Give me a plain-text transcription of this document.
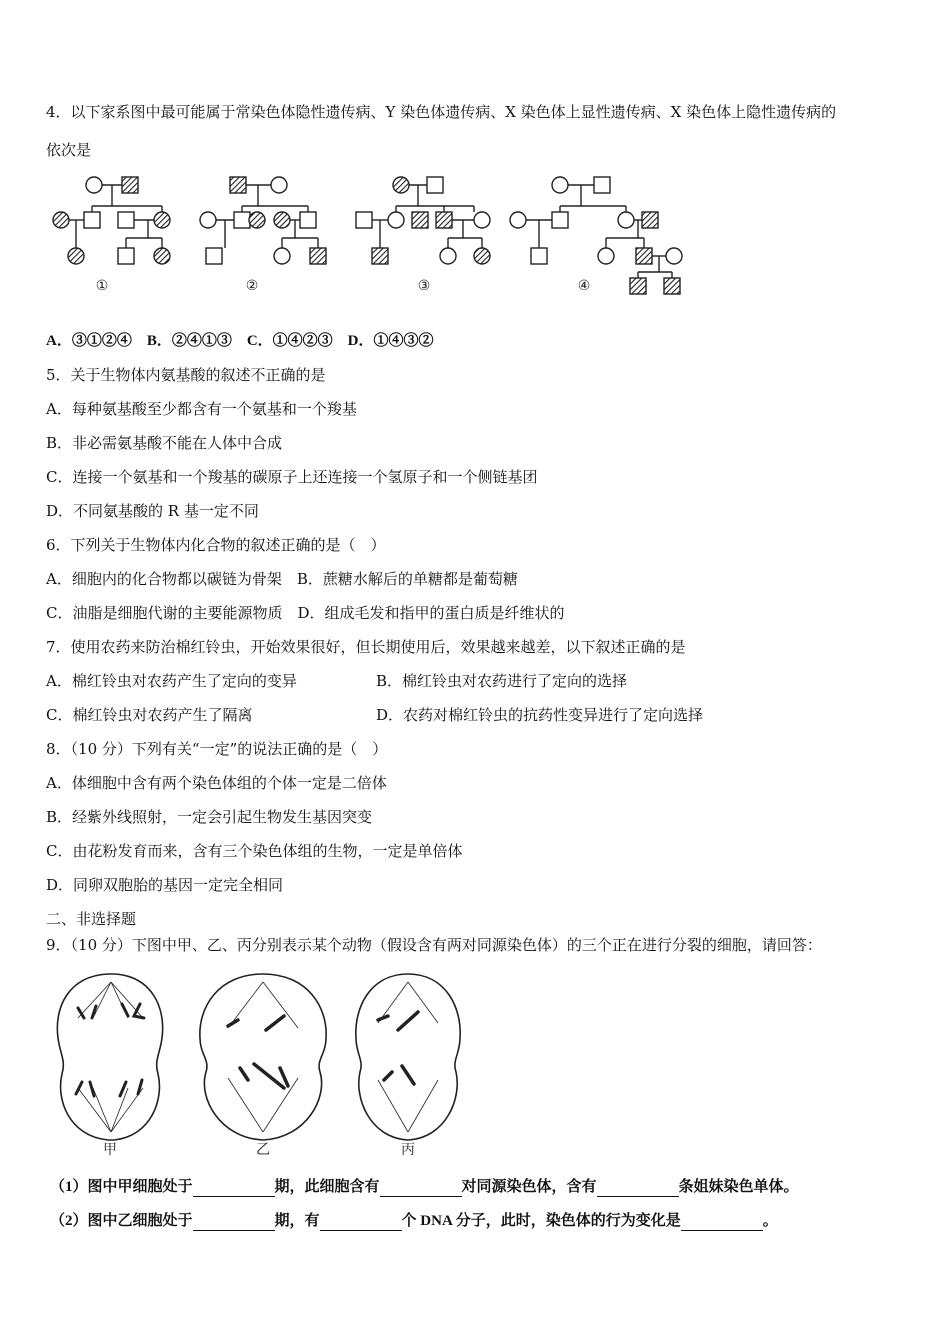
4．以下家系图中最可能属于常染色体隐性遗传病、Y 染色体遗传病、X 染色体上显性遗传病、X 染色体上隐性遗传病的
依次是
①	②	③	④
A．③①②④　B．②④①③　C．①④②③　D．①④③②
5．关于生物体内氨基酸的叙述不正确的是
A．每种氨基酸至少都含有一个氨基和一个羧基
B．非必需氨基酸不能在人体中合成
C．连接一个氨基和一个羧基的碳原子上还连接一个氢原子和一个侧链基团
D．不同氨基酸的 R 基一定不同
6．下列关于生物体内化合物的叙述正确的是（　）
A．细胞内的化合物都以碳链为骨架　B．蔗糖水解后的单糖都是葡萄糖
C．油脂是细胞代谢的主要能源物质　D．组成毛发和指甲的蛋白质是纤维状的
7．使用农药来防治棉红铃虫，开始效果很好，但长期使用后，效果越来越差，以下叙述正确的是
A．棉红铃虫对农药产生了定向的变异	B．棉红铃虫对农药进行了定向的选择
C．棉红铃虫对农药产生了隔离	D．农药对棉红铃虫的抗药性变异进行了定向选择
8．（10 分）下列有关“一定”的说法正确的是（　）
A．体细胞中含有两个染色体组的个体一定是二倍体
B．经紫外线照射，一定会引起生物发生基因突变
C．由花粉发育而来，含有三个染色体组的生物，一定是单倍体
D．同卵双胞胎的基因一定完全相同
二、非选择题
9．（10 分）下图中甲、乙、丙分别表示某个动物（假设含有两对同源染色体）的三个正在进行分裂的细胞，请回答：
甲	乙	丙
（1）图中甲细胞处于	期，此细胞含有	对同源染色体，含有	条姐妹染色单体。
（2）图中乙细胞处于	期，有	个 DNA 分子，此时，染色体的行为变化是	。
